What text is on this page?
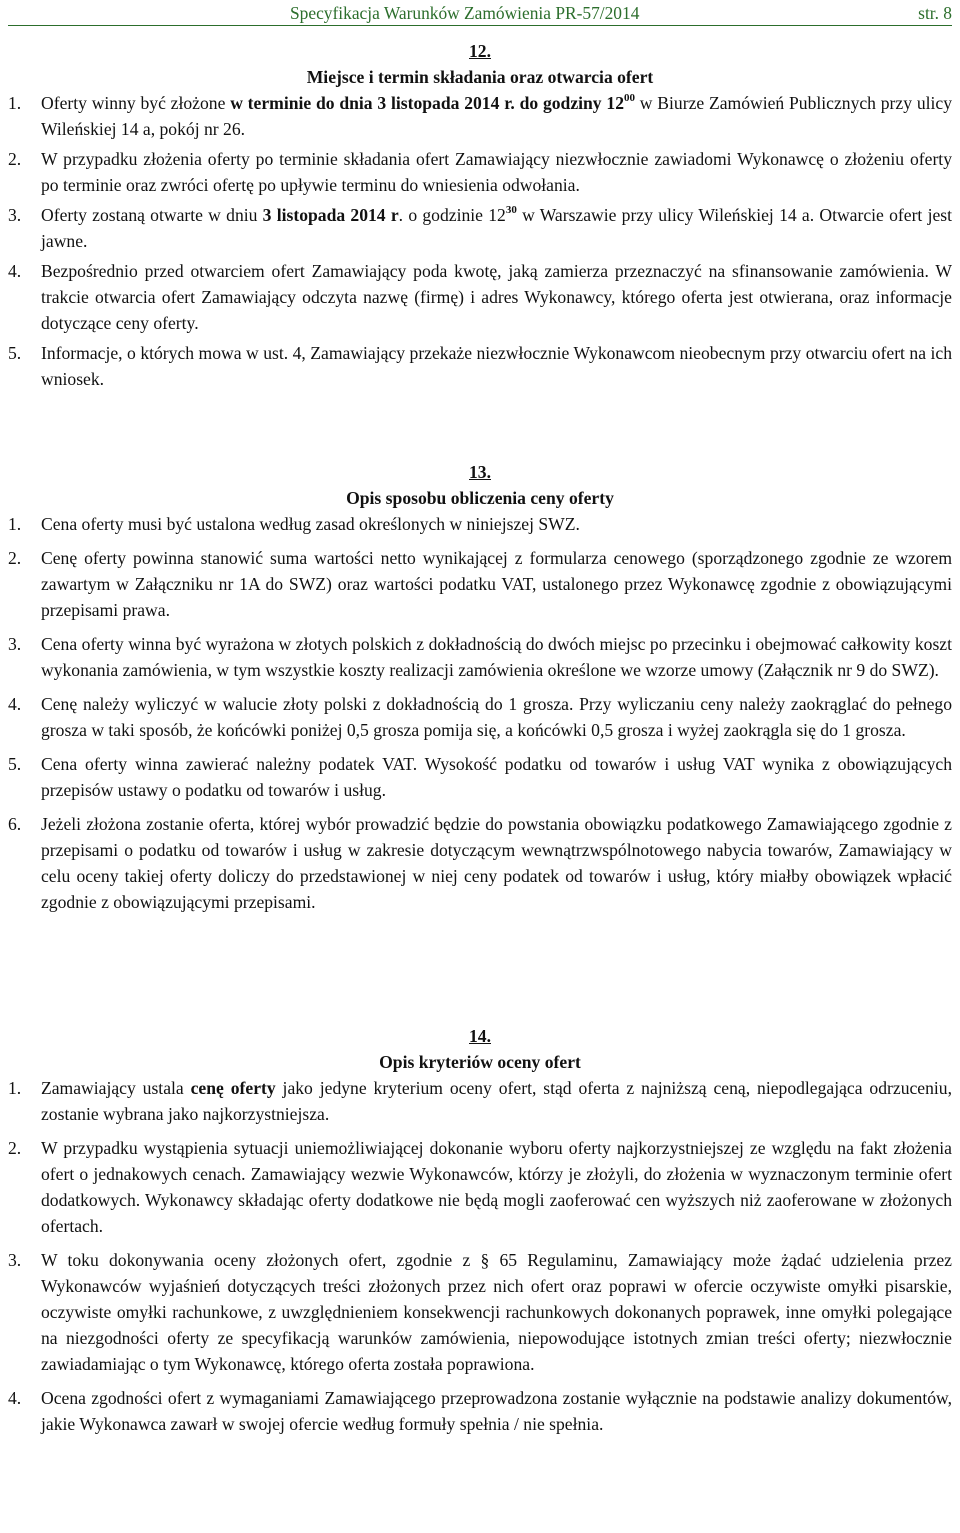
Specyfikacja Warunków Zamówienia PR-57/2014	str. 8
12.
Miejsce i termin składania oraz otwarcia ofert
1. Oferty winny być złożone w terminie do dnia 3 listopada 2014 r. do godziny $12^{00}$ w Biurze Zamówień Publicznych przy ulicy Wileńskiej 14 a, pokój nr 26.

2. W przypadku złożenia oferty po terminie składania ofert Zamawiający niezwłocznie zawiadomi Wykonawcę o złożeniu oferty po terminie oraz zwróci ofertę po upływie terminu do wniesienia odwołania.

3. Oferty zostaną otwarte w dniu 3 listopada 2014 r. o godzinie $12^{30}$ w Warszawie przy ulicy Wileńskiej 14 a. Otwarcie ofert jest jawne.

4. Bezpośrednio przed otwarciem ofert Zamawiający poda kwotę, jaką zamierza przeznaczyć na sfinansowanie zamówienia. W trakcie otwarcia ofert Zamawiający odczyta nazwę (firmę) i adres Wykonawcy, którego oferta jest otwierana, oraz informacje dotyczące ceny oferty.

5. Informacje, o których mowa w ust. 4, Zamawiający przekaże niezwłocznie Wykonawcom nieobecnym przy otwarciu ofert na ich wniosek.

13.
Opis sposobu obliczenia ceny oferty
1. Cena oferty musi być ustalona według zasad określonych w niniejszej SWZ.

2. Cenę oferty powinna stanowić suma wartości netto wynikającej z formularza cenowego (sporządzonego zgodnie ze wzorem zawartym w Załączniku nr 1A do SWZ) oraz wartości podatku VAT, ustalonego przez Wykonawcę zgodnie z obowiązującymi przepisami prawa.

3. Cena oferty winna być wyrażona w złotych polskich z dokładnością do dwóch miejsc po przecinku i obejmować całkowity koszt wykonania zamówienia, w tym wszystkie koszty realizacji zamówienia określone we wzorze umowy (Załącznik nr 9 do SWZ).

4. Cenę należy wyliczyć w walucie złoty polski z dokładnością do 1 grosza. Przy wyliczaniu ceny należy zaokrąglać do pełnego grosza w taki sposób, że końcówki poniżej 0,5 grosza pomija się, a końcówki 0,5 grosza i wyżej zaokrągla się do 1 grosza.

5. Cena oferty winna zawierać należny podatek VAT. Wysokość podatku od towarów i usług VAT wynika z obowiązujących przepisów ustawy o podatku od towarów i usług.

6. Jeżeli złożona zostanie oferta, której wybór prowadzić będzie do powstania obowiązku podatkowego Zamawiającego zgodnie z przepisami o podatku od towarów i usług w zakresie dotyczącym wewnątrzwspólnotowego nabycia towarów, Zamawiający w celu oceny takiej oferty doliczy do przedstawionej w niej ceny podatek od towarów i usług, który miałby obowiązek wpłacić zgodnie z obowiązującymi przepisami.

14.
Opis kryteriów oceny ofert
1. Zamawiający ustala cenę oferty jako jedyne kryterium oceny ofert, stąd oferta z najniższą ceną, niepodlegająca odrzuceniu, zostanie wybrana jako najkorzystniejsza.

2. W przypadku wystąpienia sytuacji uniemożliwiającej dokonanie wyboru oferty najkorzystniejszej ze względu na fakt złożenia ofert o jednakowych cenach. Zamawiający wezwie Wykonawców, którzy je złożyli, do złożenia w wyznaczonym terminie ofert dodatkowych. Wykonawcy składając oferty dodatkowe nie będą mogli zaoferować cen wyższych niż zaoferowane w złożonych ofertach.

3. W toku dokonywania oceny złożonych ofert, zgodnie z § 65 Regulaminu, Zamawiający może żądać udzielenia przez Wykonawców wyjaśnień dotyczących treści złożonych przez nich ofert oraz poprawi w ofercie oczywiste omyłki pisarskie, oczywiste omyłki rachunkowe, z uwzględnieniem konsekwencji rachunkowych dokonanych poprawek, inne omyłki polegające na niezgodności oferty ze specyfikacją warunków zamówienia, niepowodujące istotnych zmian treści oferty; niezwłocznie zawiadamiając o tym Wykonawcę, którego oferta została poprawiona.

4. Ocena zgodności ofert z wymaganiami Zamawiającego przeprowadzona zostanie wyłącznie na podstawie analizy dokumentów, jakie Wykonawca zawarł w swojej ofercie według formuły spełnia / nie spełnia.
